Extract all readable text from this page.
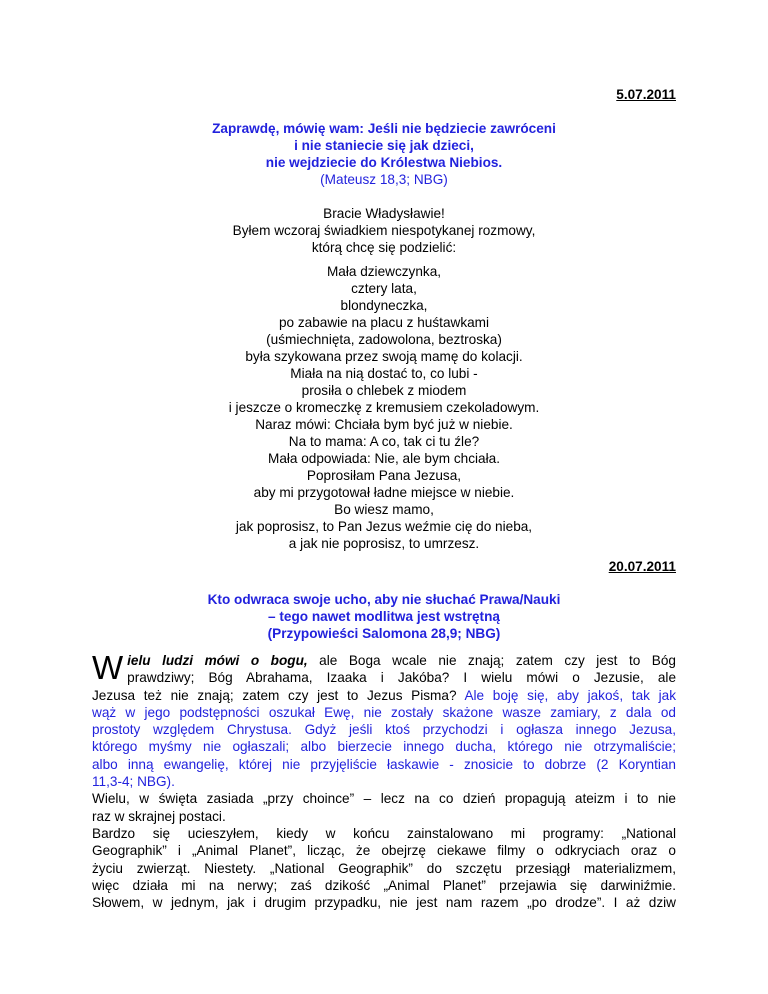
5.07.2011
Zaprawdę, mówię wam: Jeśli nie będziecie zawróceni
i nie staniecie się jak dzieci,
nie wejdziecie do Królestwa Niebios.
(Mateusz 18,3; NBG)
Bracie Władysławie!
Byłem wczoraj świadkiem niespotykanej rozmowy,
którą chcę się podzielić:
Mała dziewczynka,
cztery lata,
blondyneczka,
po zabawie na placu z huśtawkami
(uśmiechnięta, zadowolona, beztroska)
była szykowana przez swoją mamę do kolacji.
Miała na nią dostać to, co lubi -
prosiła o chlebek z miodem
i jeszcze o kromeczkę z kremusiem czekoladowym.
Naraz mówi: Chciała bym być już w niebie.
Na to mama: A co, tak ci tu źle?
Mała odpowiada: Nie, ale bym chciała.
Poprosiłam Pana Jezusa,
aby mi przygotował ładne miejsce w niebie.
Bo wiesz mamo,
jak poprosisz, to Pan Jezus weźmie cię do nieba,
a jak nie poprosisz, to umrzesz.
20.07.2011
Kto odwraca swoje ucho, aby nie słuchać Prawa/Nauki
– tego nawet modlitwa jest wstrętną
(Przypowieści Salomona 28,9; NBG)
W ielu ludzi mówi o bogu, ale Boga wcale nie znają; zatem czy jest to Bóg
prawdziwy; Bóg Abrahama, Izaaka i Jakóba? I wielu mówi o Jezusie, ale
Jezusa też nie znają; zatem czy jest to Jezus Pisma? Ale boję się, aby jakoś, tak jak
wąż w jego podstępności oszukał Ewę, nie zostały skażone wasze zamiary, z dala od
prostoty względem Chrystusa. Gdyż jeśli ktoś przychodzi i ogłasza innego Jezusa,
którego myśmy nie ogłaszali; albo bierzecie innego ducha, którego nie otrzymaliście;
albo inną ewangelię, której nie przyjęliście łaskawie - znosicie to dobrze (2 Koryntian
11,3-4; NBG).
Wielu, w święta zasiada „przy choince” – lecz na co dzień propagują ateizm i to nie
raz w skrajnej postaci.
Bardzo się ucieszyłem, kiedy w końcu zainstalowano mi programy: „National
Geographik” i „Animal Planet”, licząc, że obejrzę ciekawe filmy o odkryciach oraz o
życiu zwierząt. Niestety. „National Geographik” do szczętu przesiągł materializmem,
więc działa mi na nerwy; zaś dzikość „Animal Planet” przejawia się darwiniźmie.
Słowem, w jednym, jak i drugim przypadku, nie jest nam razem „po drodze”. I aż dziw
